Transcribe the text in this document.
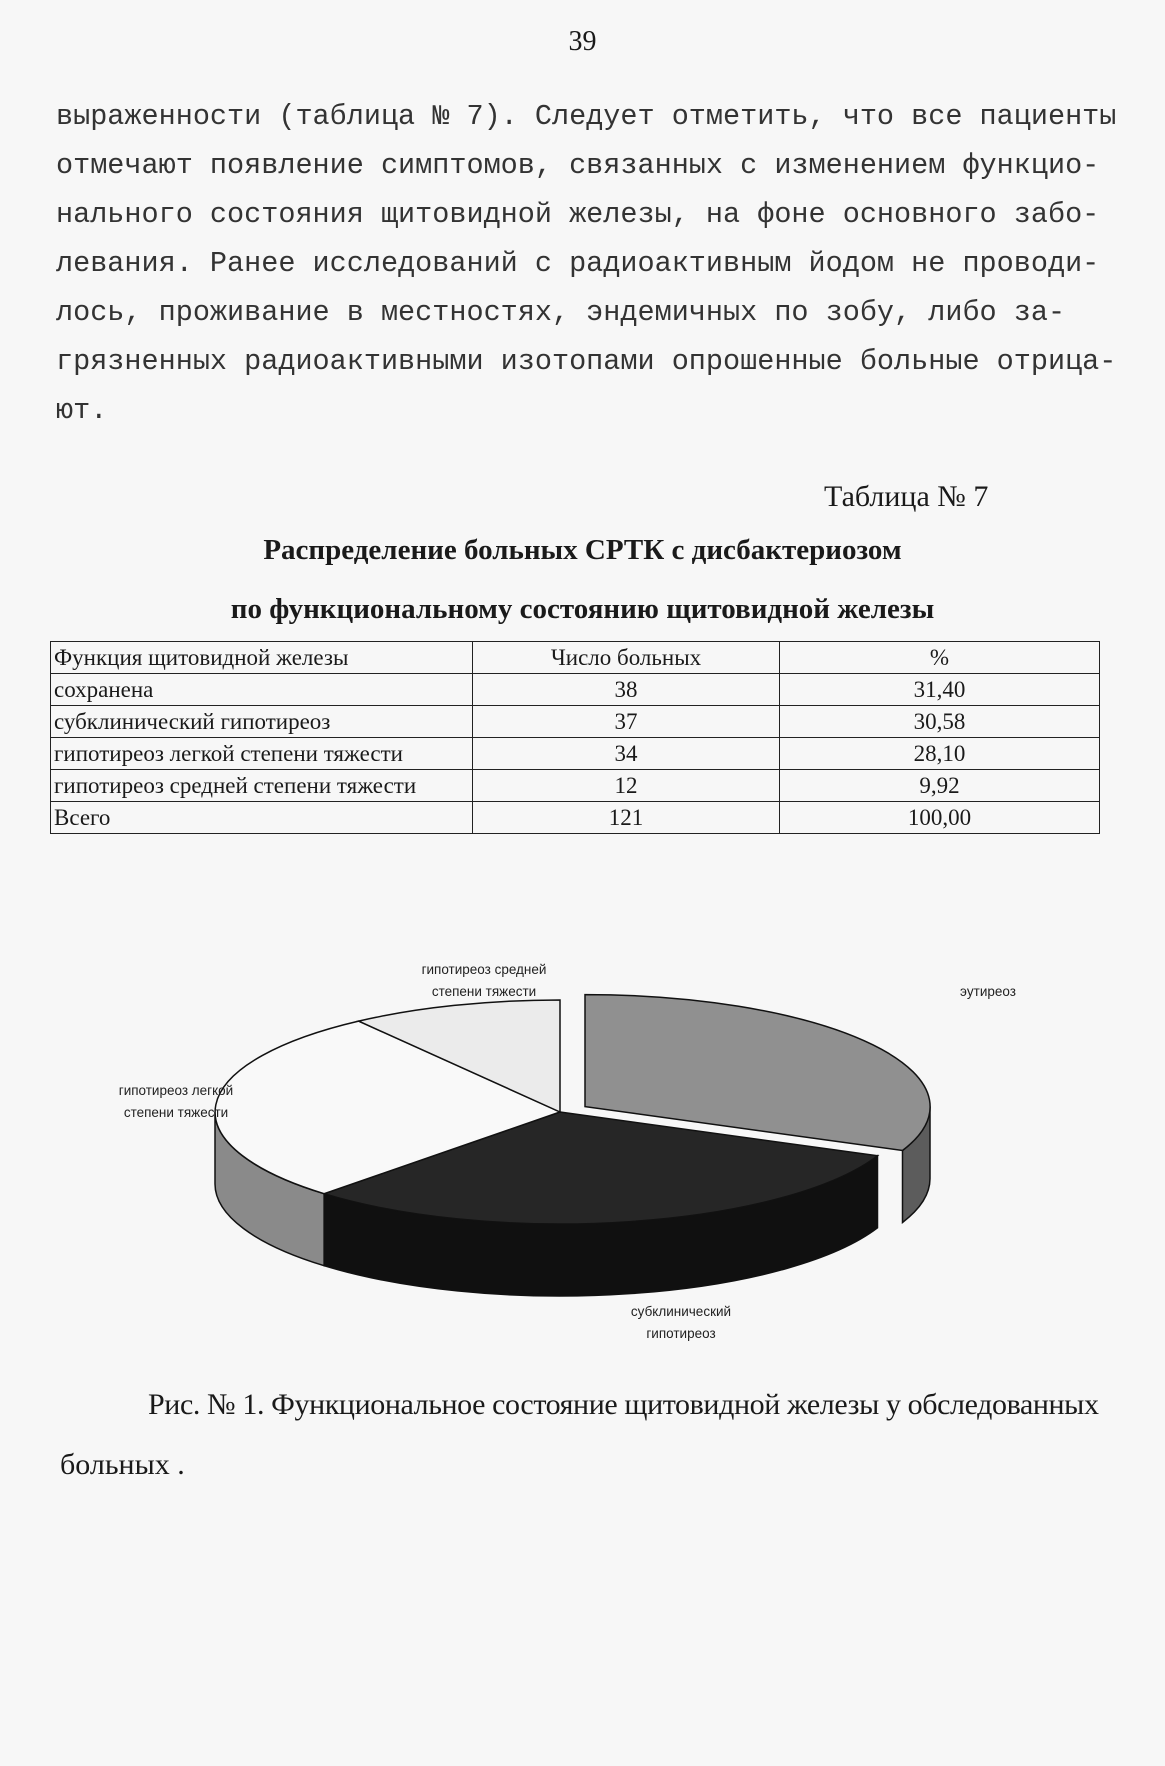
39
выраженности (таблица № 7). Следует отметить, что все пациенты
отмечают появление симптомов, связанных с изменением функцио-
нального состояния щитовидной железы, на фоне основного забо-
левания. Ранее исследований с радиоактивным йодом не проводи-
лось, проживание в местностях, эндемичных по зобу, либо за-
грязненных радиоактивными изотопами опрошенные больные отрица-
ют.
Таблица № 7
Распределение больных СРТК с дисбактериозом
по функциональному состоянию щитовидной железы
Функция щитовидной железы	Число больных	%
сохранена	38	31,40
субклинический гипотиреоз	37	30,58
гипотиреоз легкой степени тяжести	34	28,10
гипотиреоз средней степени тяжести	12	9,92
Всего	121	100,00
эутиреоз
субклинический
гипотиреоз
гипотиреоз легкой
степени тяжести
гипотиреоз средней
степени тяжести
Рис. № 1. Функциональное состояние щитовидной железы у обследованных
больных .
